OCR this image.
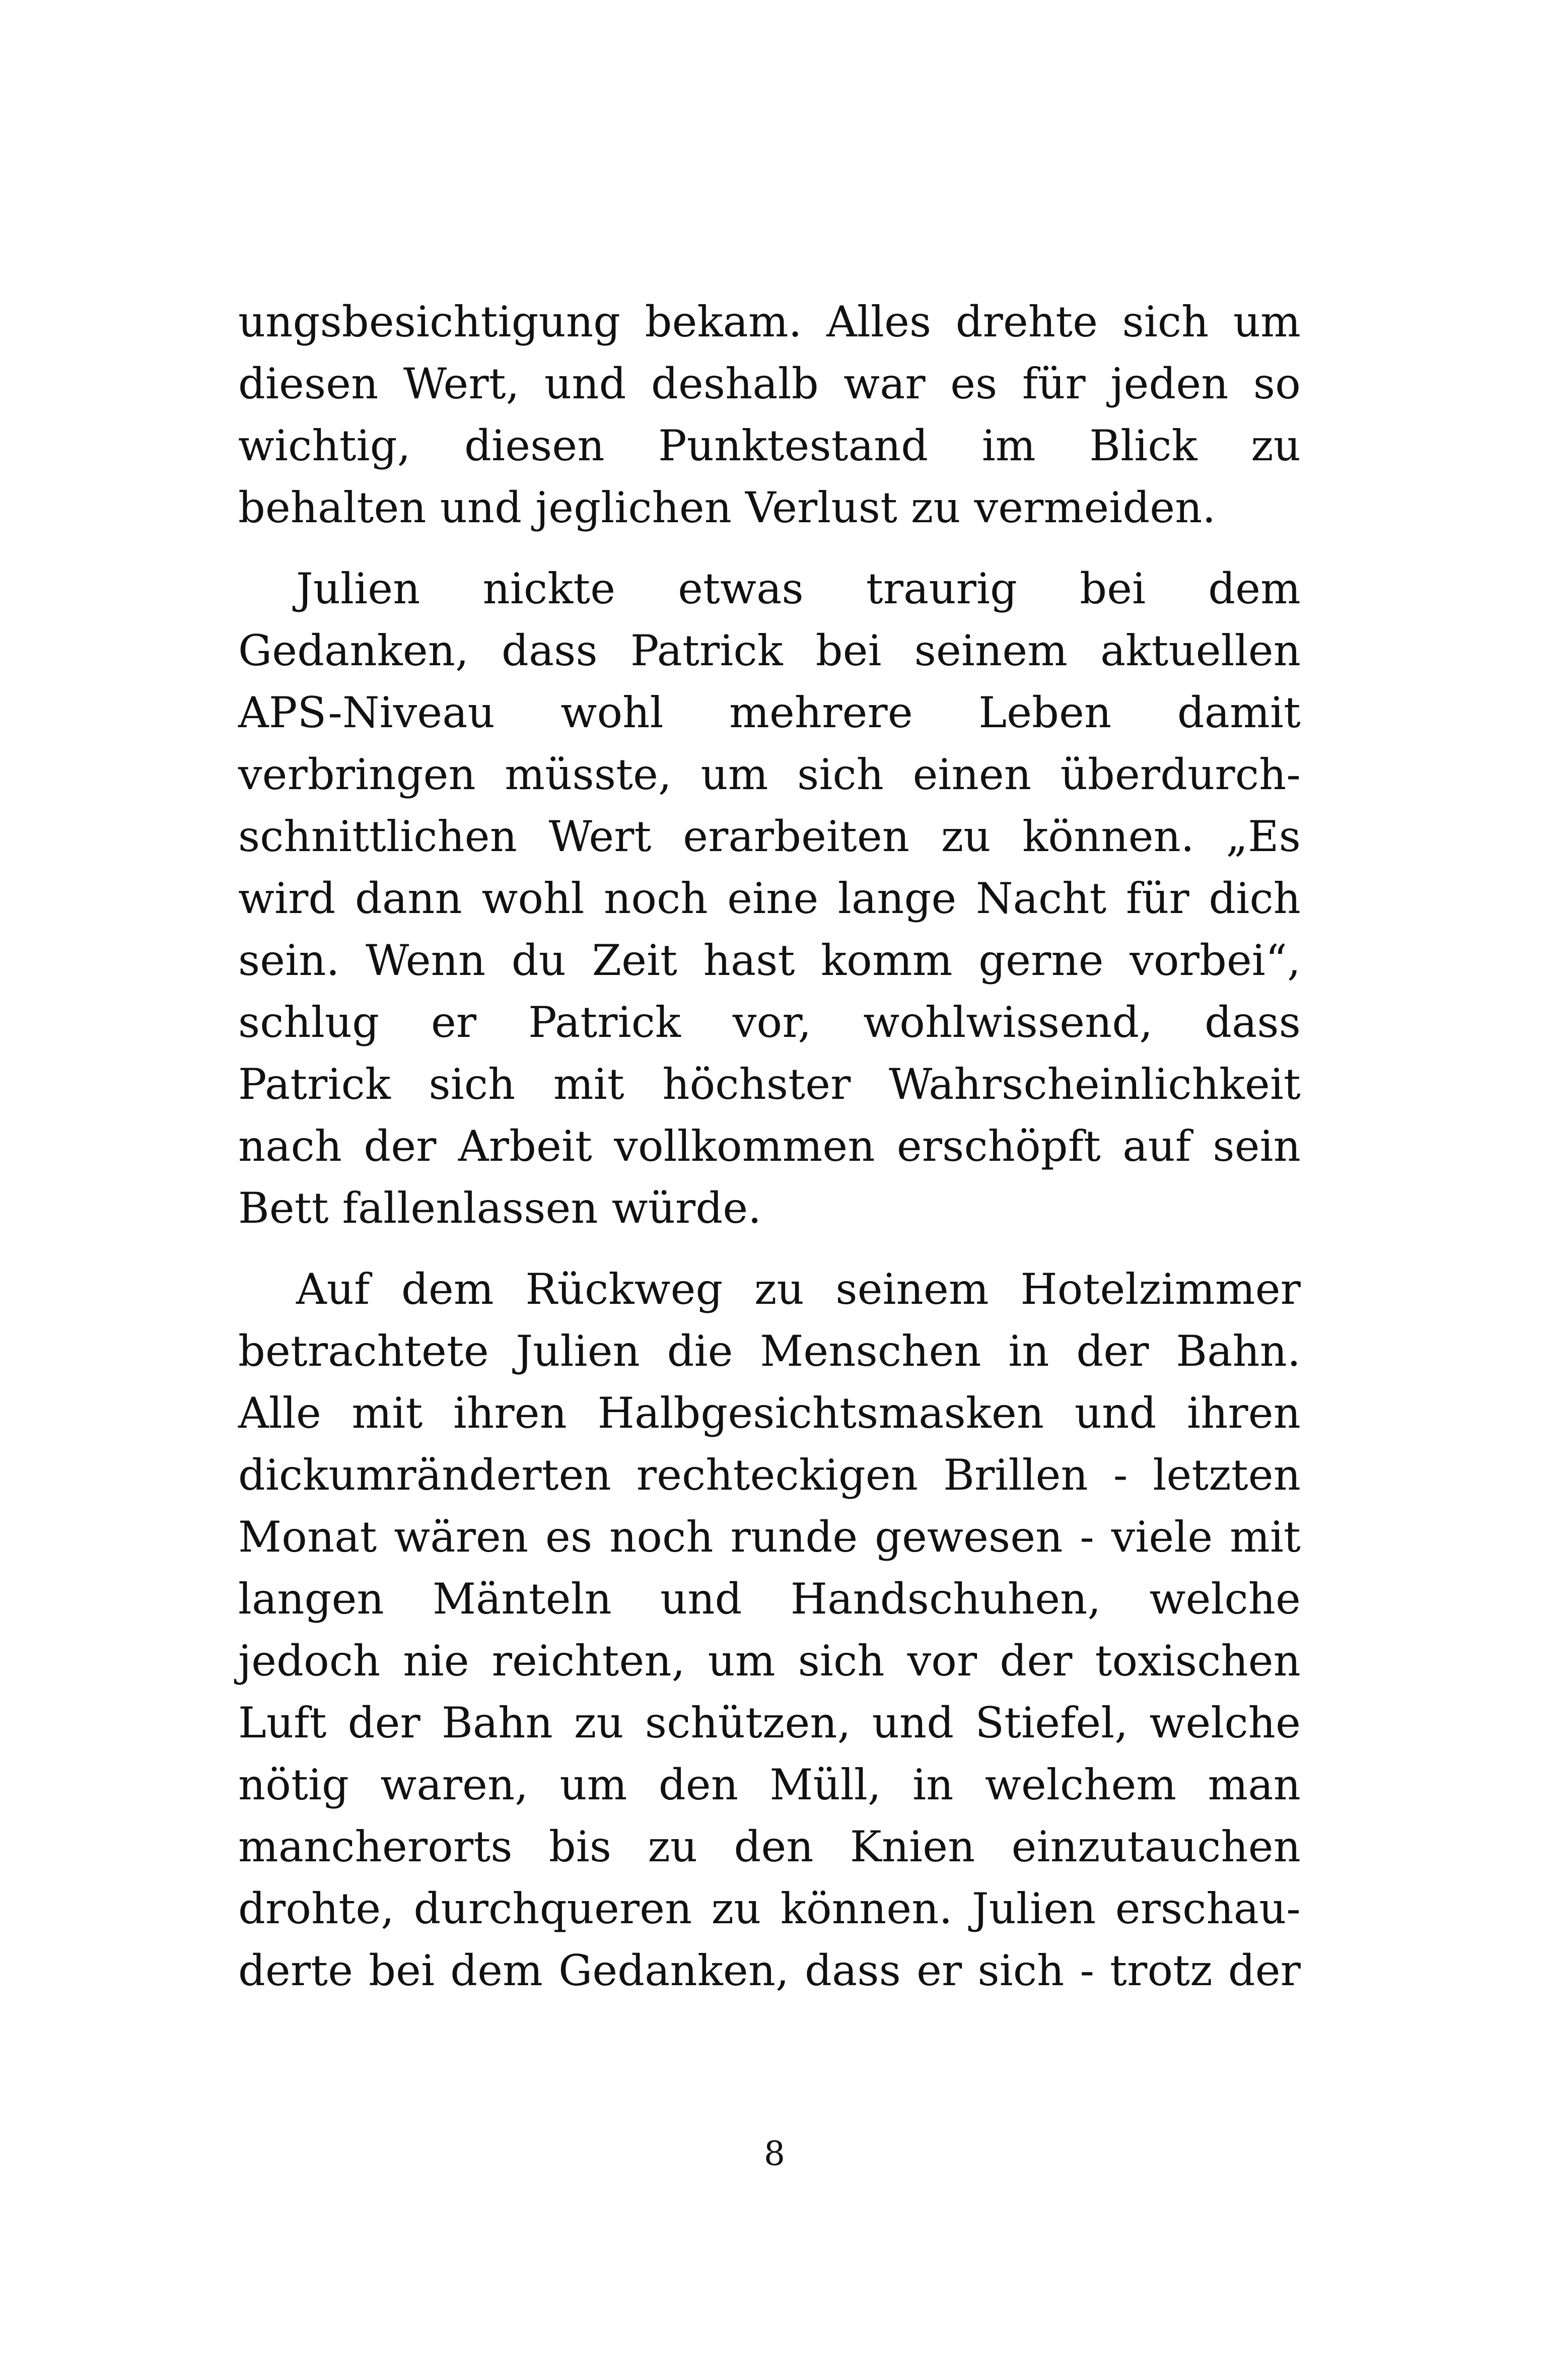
ungsbesichtigung bekam. Alles drehte sich um
diesen Wert, und deshalb war es für jeden so
wichtig, diesen Punktestand im Blick zu
behalten und jeglichen Verlust zu vermeiden.
Julien nickte etwas traurig bei dem
Gedanken, dass Patrick bei seinem aktuellen
APS-Niveau wohl mehrere Leben damit
verbringen müsste, um sich einen überdurch-
schnittlichen Wert erarbeiten zu können. „Es
wird dann wohl noch eine lange Nacht für dich
sein. Wenn du Zeit hast komm gerne vorbei“,
schlug er Patrick vor, wohlwissend, dass
Patrick sich mit höchster Wahrscheinlichkeit
nach der Arbeit vollkommen erschöpft auf sein
Bett fallenlassen würde.
Auf dem Rückweg zu seinem Hotelzimmer
betrachtete Julien die Menschen in der Bahn.
Alle mit ihren Halbgesichtsmasken und ihren
dickumränderten rechteckigen Brillen - letzten
Monat wären es noch runde gewesen - viele mit
langen Mänteln und Handschuhen, welche
jedoch nie reichten, um sich vor der toxischen
Luft der Bahn zu schützen, und Stiefel, welche
nötig waren, um den Müll, in welchem man
mancherorts bis zu den Knien einzutauchen
drohte, durchqueren zu können. Julien erschau-
derte bei dem Gedanken, dass er sich - trotz der
8
